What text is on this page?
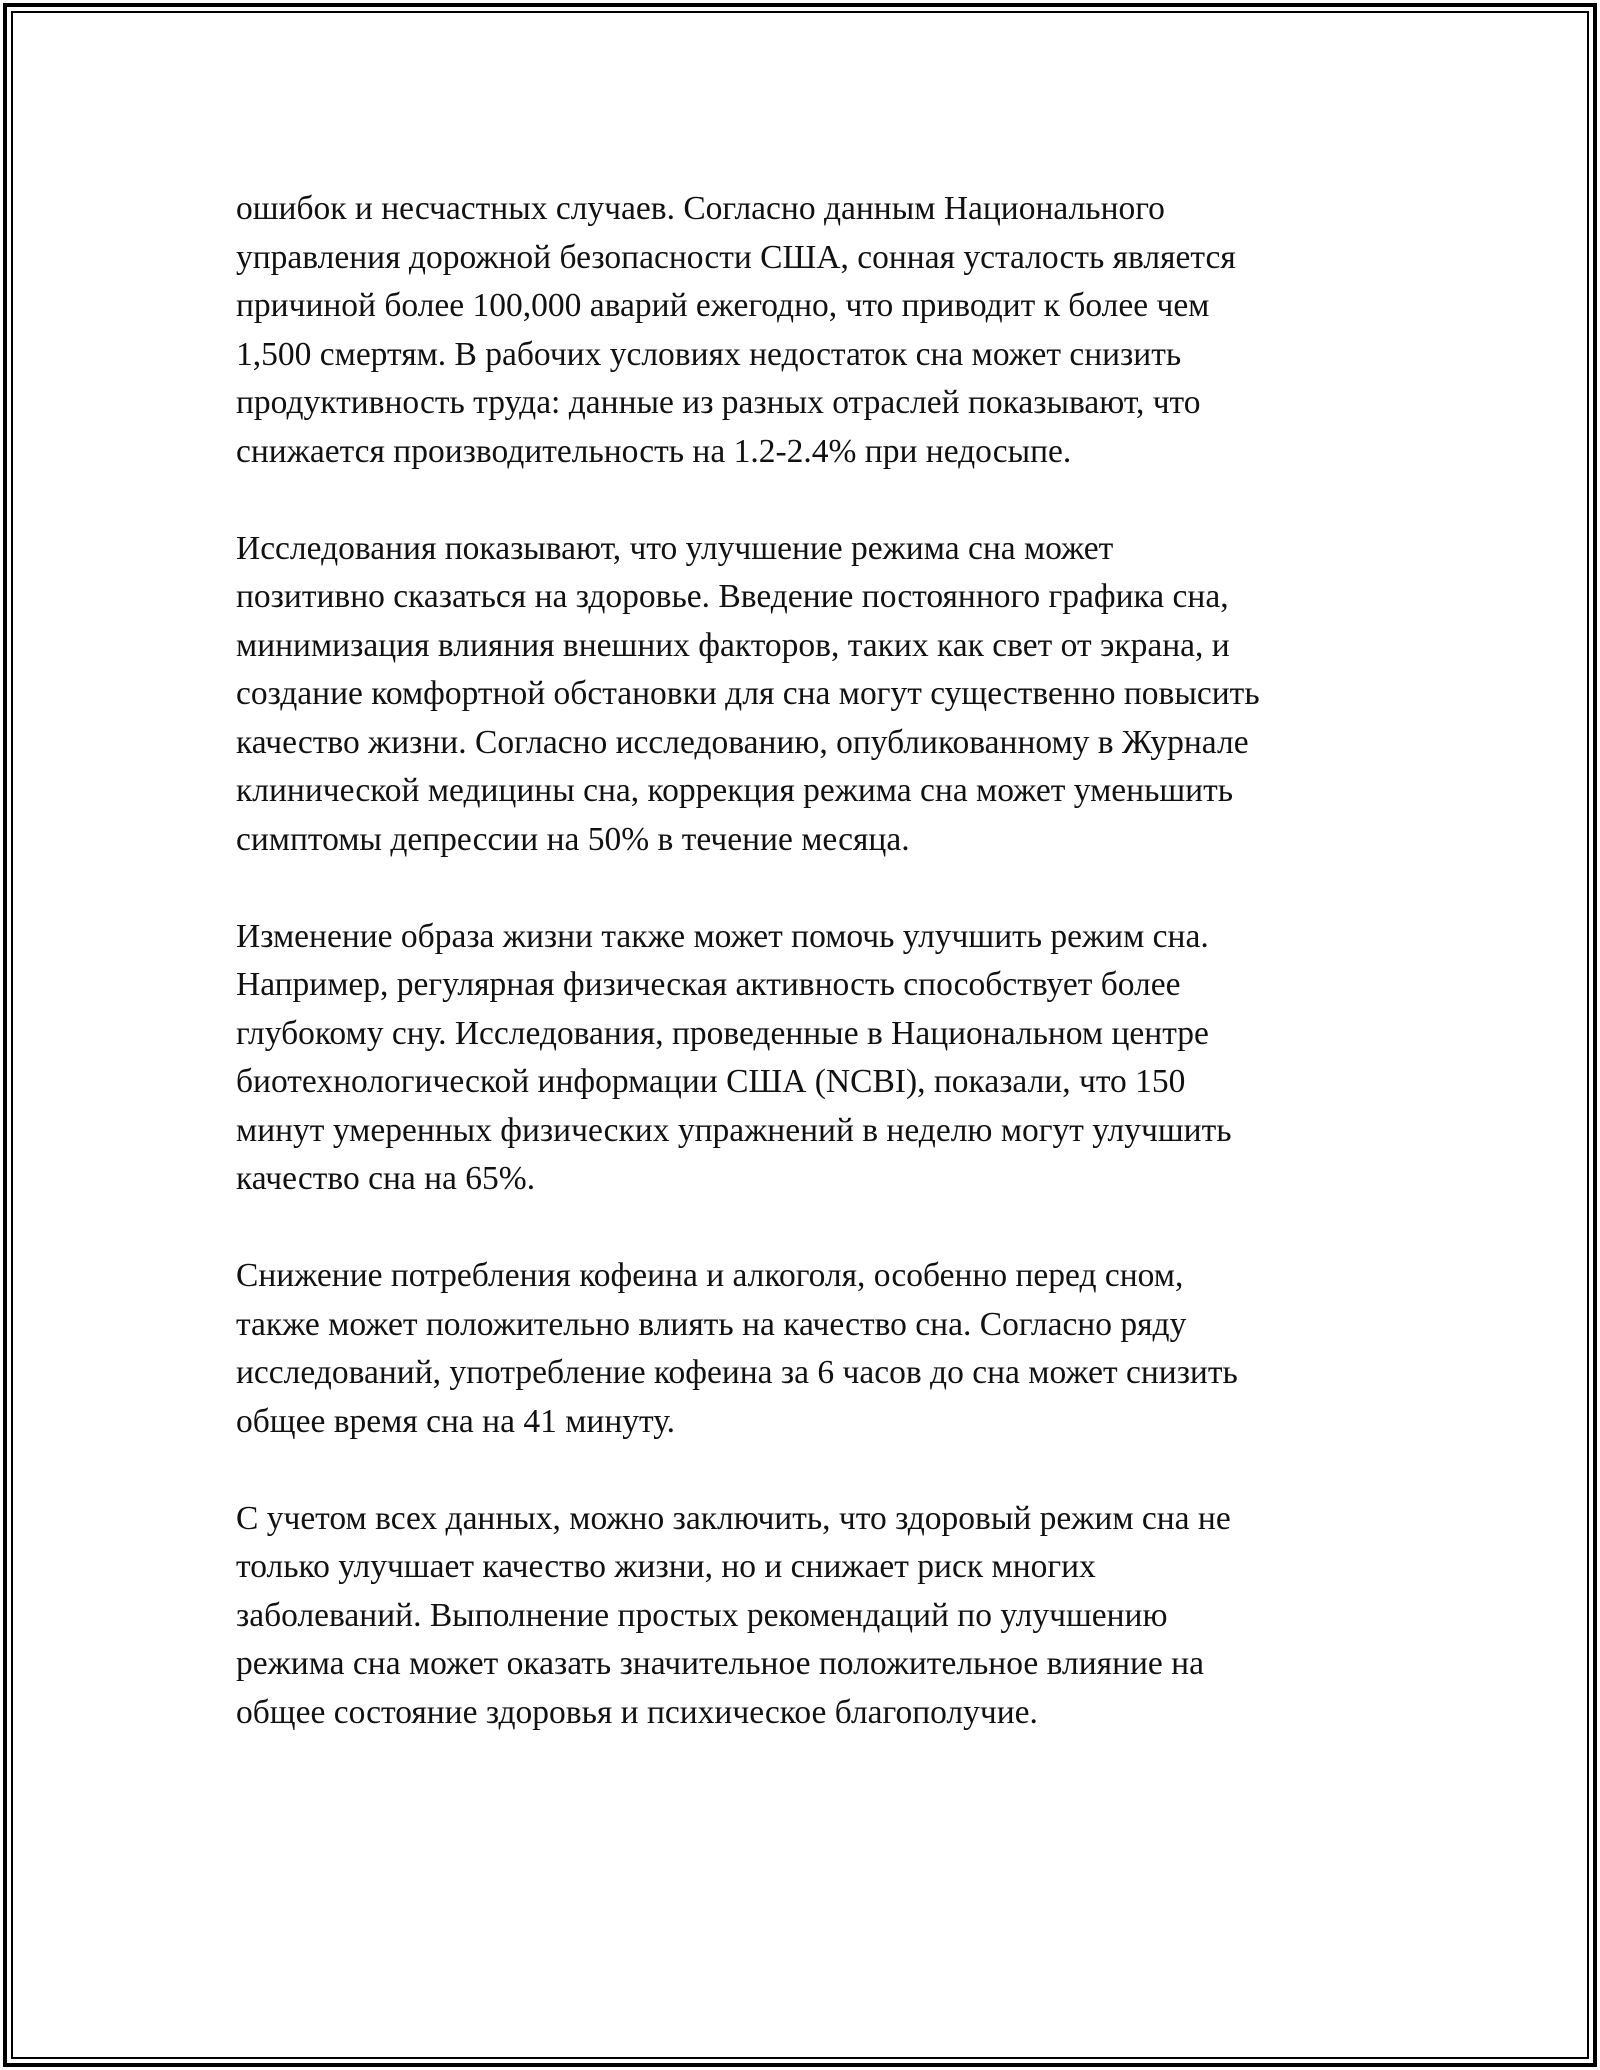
ошибок и несчастных случаев. Согласно данным Национального
управления дорожной безопасности США, сонная усталость является
причиной более 100,000 аварий ежегодно, что приводит к более чем
1,500 смертям. В рабочих условиях недостаток сна может снизить
продуктивность труда: данные из разных отраслей показывают, что
снижается производительность на 1.2-2.4% при недосыпе.

Исследования показывают, что улучшение режима сна может
позитивно сказаться на здоровье. Введение постоянного графика сна,
минимизация влияния внешних факторов, таких как свет от экрана, и
создание комфортной обстановки для сна могут существенно повысить
качество жизни. Согласно исследованию, опубликованному в Журнале
клинической медицины сна, коррекция режима сна может уменьшить
симптомы депрессии на 50% в течение месяца.

Изменение образа жизни также может помочь улучшить режим сна.
Например, регулярная физическая активность способствует более
глубокому сну. Исследования, проведенные в Национальном центре
биотехнологической информации США (NCBI), показали, что 150
минут умеренных физических упражнений в неделю могут улучшить
качество сна на 65%.

Снижение потребления кофеина и алкоголя, особенно перед сном,
также может положительно влиять на качество сна. Согласно ряду
исследований, употребление кофеина за 6 часов до сна может снизить
общее время сна на 41 минуту.

С учетом всех данных, можно заключить, что здоровый режим сна не
только улучшает качество жизни, но и снижает риск многих
заболеваний. Выполнение простых рекомендаций по улучшению
режима сна может оказать значительное положительное влияние на
общее состояние здоровья и психическое благополучие.
